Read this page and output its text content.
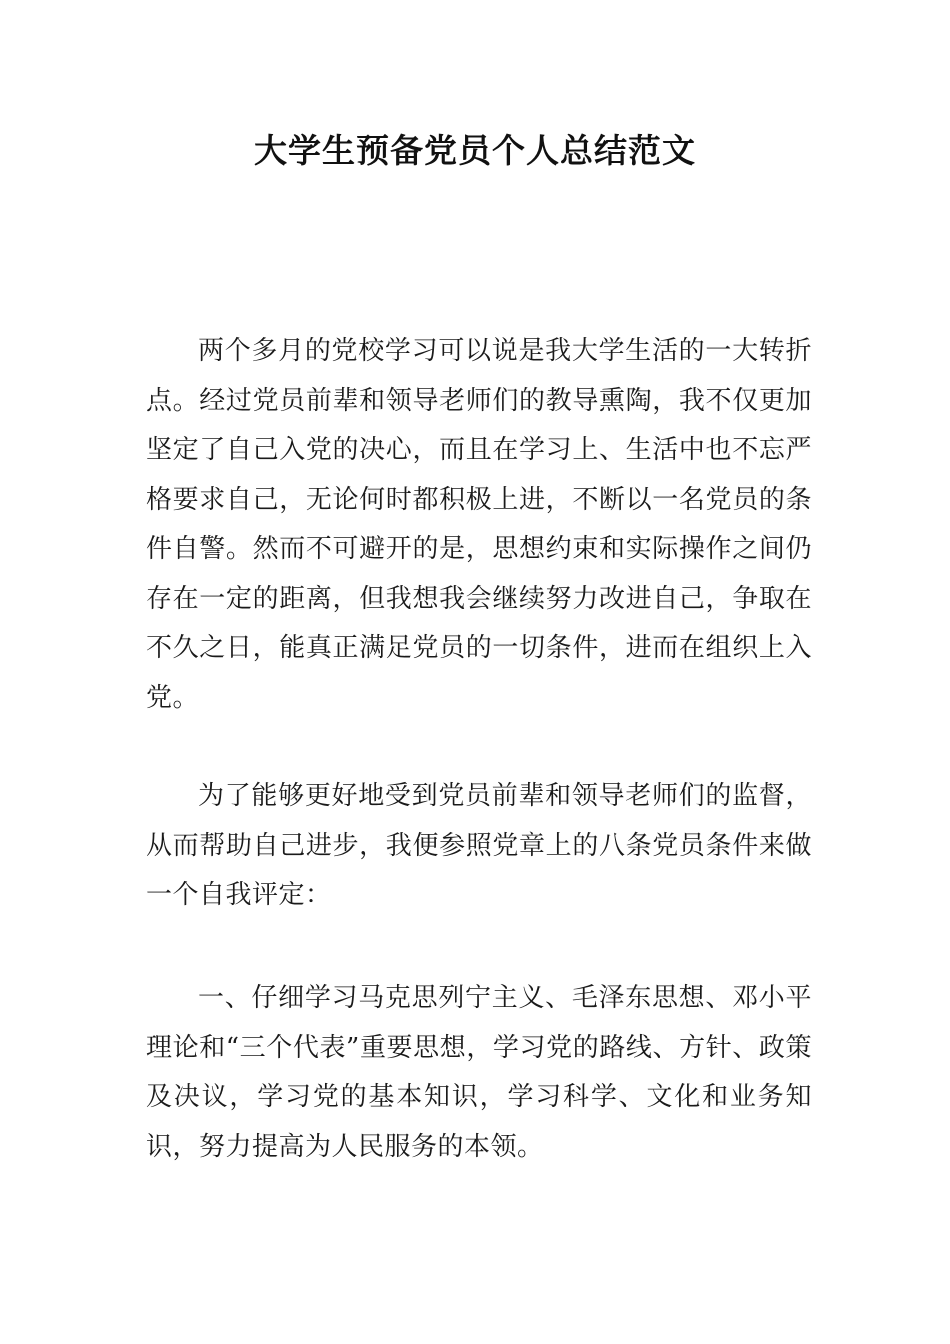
大学生预备党员个人总结范文

两个多月的党校学习可以说是我大学生活的一大转折点。经过党员前辈和领导老师们的教导熏陶，我不仅更加坚定了自己入党的决心，而且在学习上、生活中也不忘严格要求自己，无论何时都积极上进，不断以一名党员的条件自警。然而不可避开的是，思想约束和实际操作之间仍存在一定的距离，但我想我会继续努力改进自己，争取在不久之日，能真正满足党员的一切条件，进而在组织上入党。

为了能够更好地受到党员前辈和领导老师们的监督，从而帮助自己进步，我便参照党章上的八条党员条件来做一个自我评定：

一、仔细学习马克思列宁主义、毛泽东思想、邓小平理论和“三个代表”重要思想，学习党的路线、方针、政策及决议，学习党的基本知识，学习科学、文化和业务知识，努力提高为人民服务的本领。
